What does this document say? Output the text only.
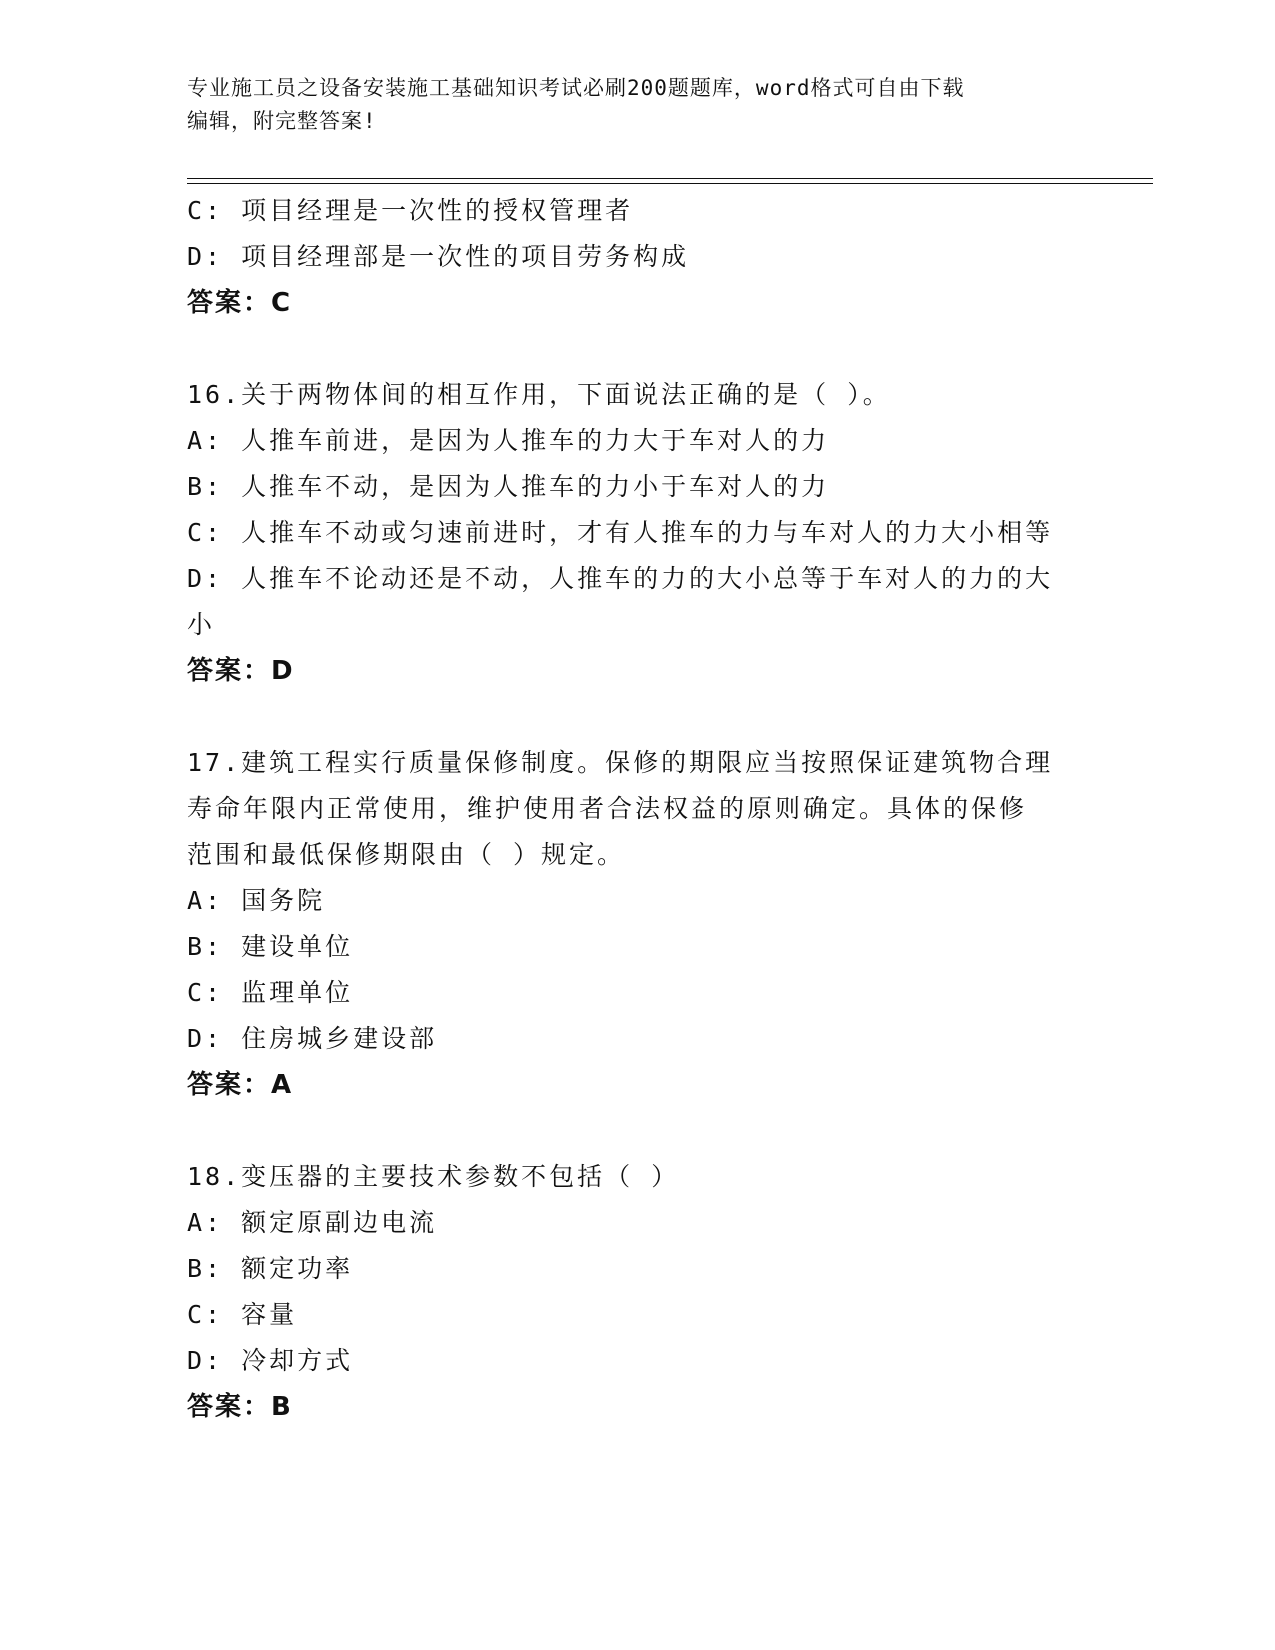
专业施工员之设备安装施工基础知识考试必刷200题题库，word格式可自由下载
编辑，附完整答案!
C: 项目经理是一次性的授权管理者
D: 项目经理部是一次性的项目劳务构成
答案：C
16.关于两物体间的相互作用，下面说法正确的是（ ）。
A: 人推车前进，是因为人推车的力大于车对人的力
B: 人推车不动，是因为人推车的力小于车对人的力
C: 人推车不动或匀速前进时，才有人推车的力与车对人的力大小相等
D: 人推车不论动还是不动，人推车的力的大小总等于车对人的力的大
小
答案：D
17.建筑工程实行质量保修制度。保修的期限应当按照保证建筑物合理
寿命年限内正常使用，维护使用者合法权益的原则确定。具体的保修
范围和最低保修期限由（ ）规定。
A: 国务院
B: 建设单位
C: 监理单位
D: 住房城乡建设部
答案：A
18.变压器的主要技术参数不包括（ ）
A: 额定原副边电流
B: 额定功率
C: 容量
D: 冷却方式
答案：B
